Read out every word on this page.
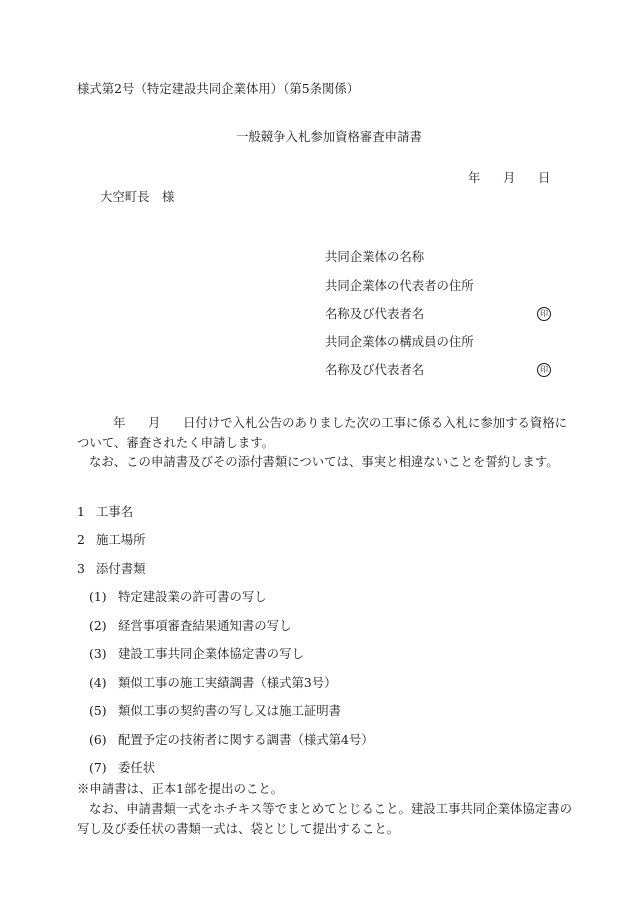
様式第2号（特定建設共同企業体用）（第5条関係）
一般競争入札参加資格審査申請書
年 月 日
大空町長　様
共同企業体の名称
共同企業体の代表者の住所
名称及び代表者名	印
共同企業体の構成員の住所
名称及び代表者名	印
年 月 日付けで入札公告のありました次の工事に係る入札に参加する資格に
ついて、審査されたく申請します。
なお、この申請書及びその添付書類については、事実と相違ないことを誓約します。
1 工事名
2 施工場所
3 添付書類
(1) 特定建設業の許可書の写し
(2) 経営事項審査結果通知書の写し
(3) 建設工事共同企業体協定書の写し
(4) 類似工事の施工実績調書（様式第3号）
(5) 類似工事の契約書の写し又は施工証明書
(6) 配置予定の技術者に関する調書（様式第4号）
(7) 委任状
※申請書は、正本1部を提出のこと。
なお、申請書類一式をホチキス等でまとめてとじること。建設工事共同企業体協定書の
写し及び委任状の書類一式は、袋とじして提出すること。
